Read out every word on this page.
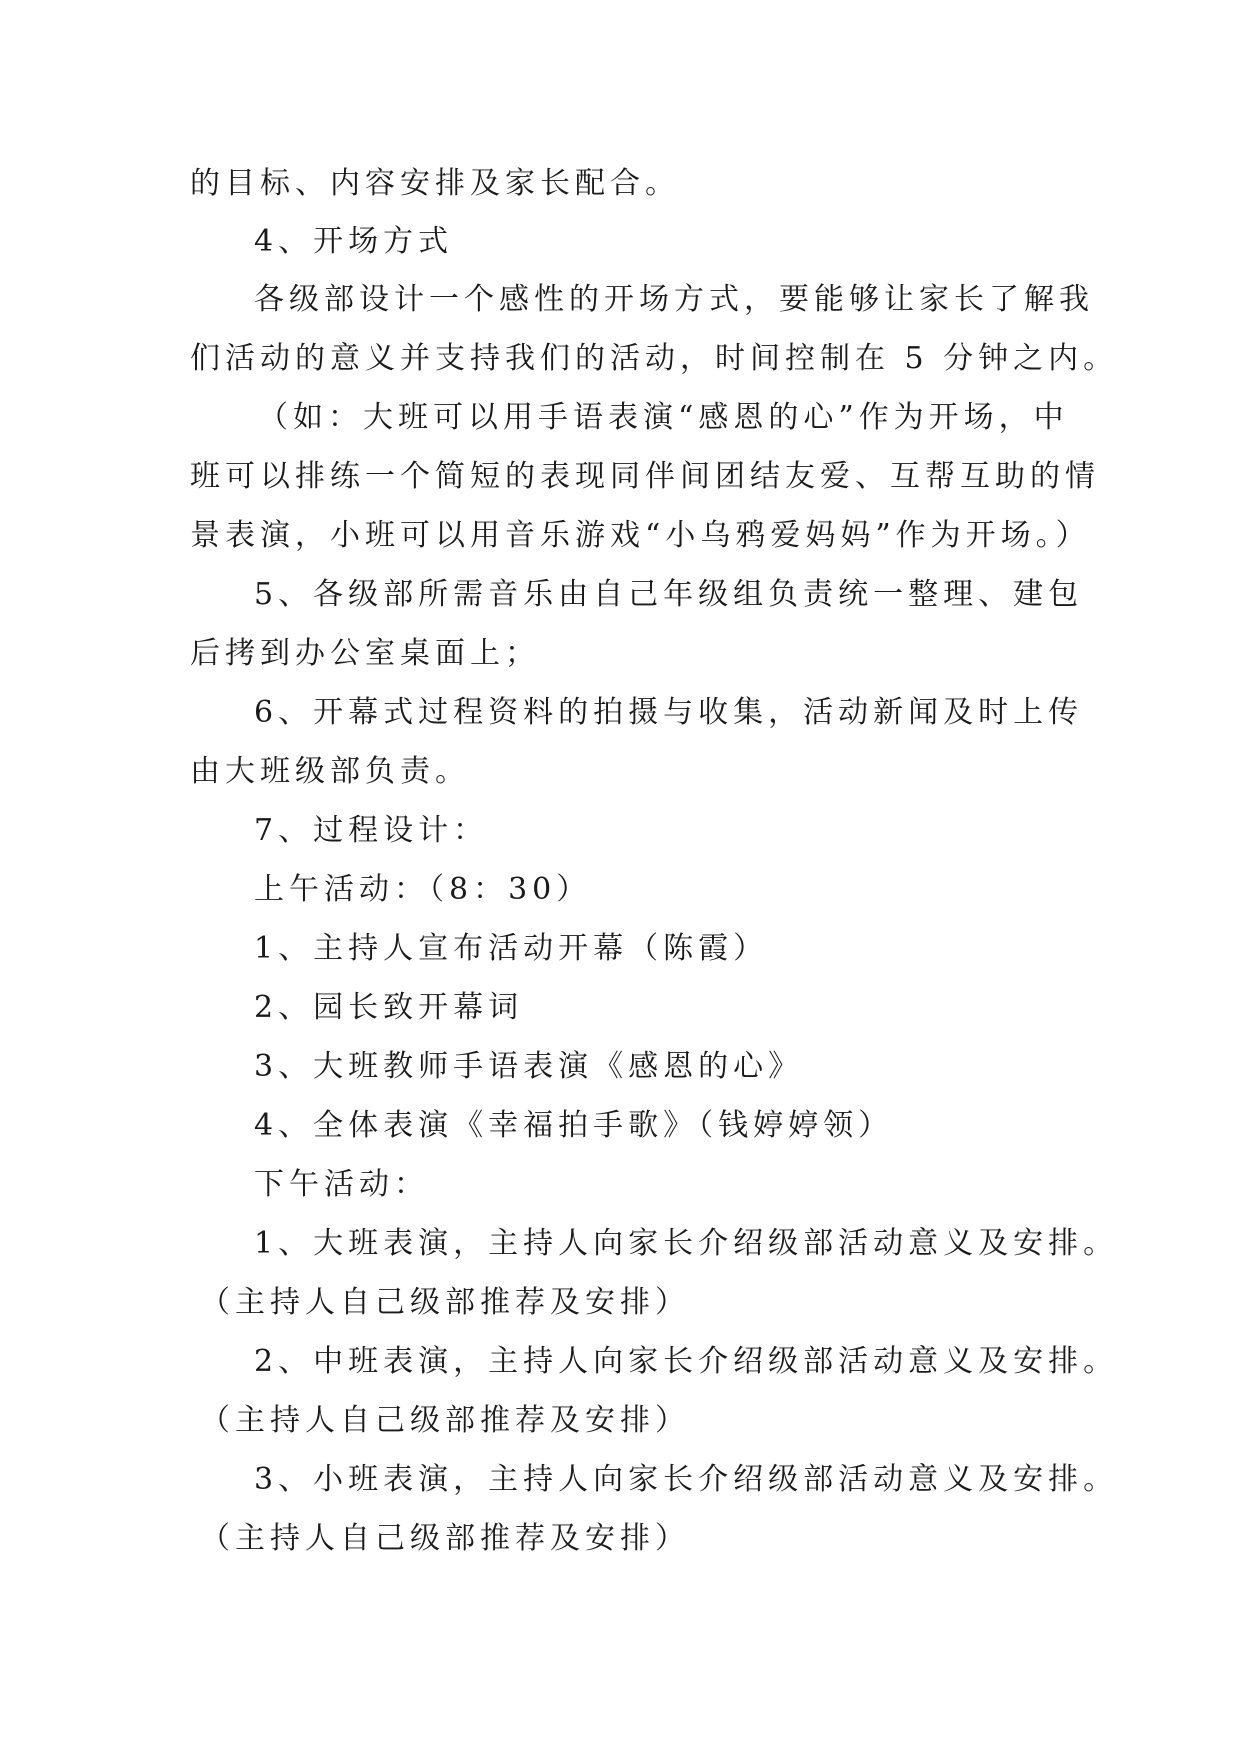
的目标、内容安排及家长配合。
4、开场方式
各级部设计一个感性的开场方式，要能够让家长了解我
们活动的意义并支持我们的活动，时间控制在 5 分钟之内。
（如：大班可以用手语表演“感恩的心”作为开场，中
班可以排练一个简短的表现同伴间团结友爱、互帮互助的情
景表演，小班可以用音乐游戏“小乌鸦爱妈妈”作为开场。）
5、各级部所需音乐由自己年级组负责统一整理、建包
后拷到办公室桌面上；
6、开幕式过程资料的拍摄与收集，活动新闻及时上传
由大班级部负责。
7、过程设计：
上午活动：（8：30）
1、主持人宣布活动开幕（陈霞）
2、园长致开幕词
3、大班教师手语表演《感恩的心》
4、全体表演《幸福拍手歌》（钱婷婷领）
下午活动：
1、大班表演，主持人向家长介绍级部活动意义及安排。
（主持人自己级部推荐及安排）
2、中班表演，主持人向家长介绍级部活动意义及安排。
（主持人自己级部推荐及安排）
3、小班表演，主持人向家长介绍级部活动意义及安排。
（主持人自己级部推荐及安排）
